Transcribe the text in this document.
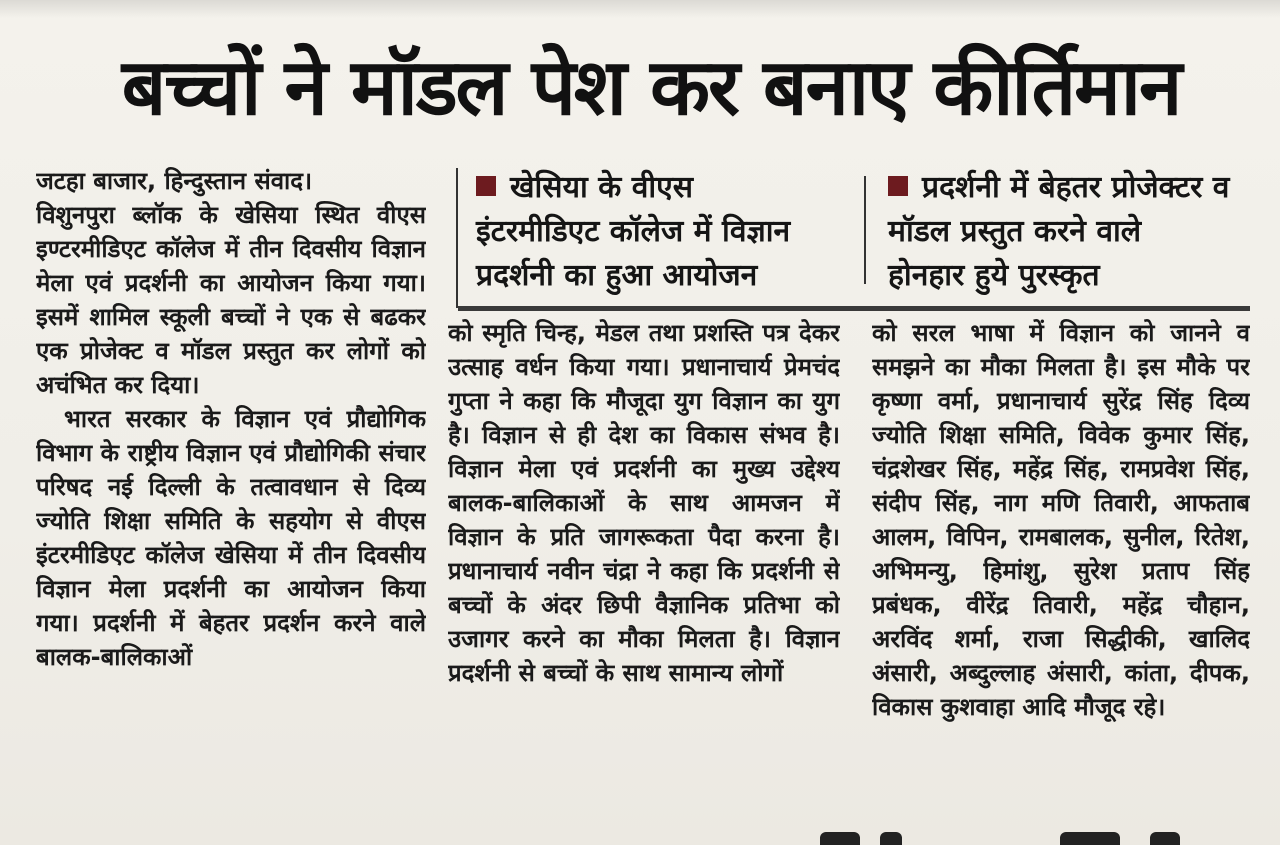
बच्चों ने मॉडल पेश कर बनाए कीर्तिमान

जटहा बाजार, हिन्दुस्तान संवाद।

विशुनपुरा ब्लॉक के खेसिया स्थित वीएस इण्टरमीडिएट कॉलेज में तीन दिवसीय विज्ञान मेला एवं प्रदर्शनी का आयोजन किया गया। इसमें शामिल स्कूली बच्चों ने एक से बढकर एक प्रोजेक्ट व मॉडल प्रस्तुत कर लोगों को अचंभित कर दिया।

भारत सरकार के विज्ञान एवं प्रौद्योगिक विभाग के राष्ट्रीय विज्ञान एवं प्रौद्योगिकी संचार परिषद नई दिल्ली के तत्वावधान से दिव्य ज्योति शिक्षा समिति के सहयोग से वीएस इंटरमीडिएट कॉलेज खेसिया में तीन दिवसीय विज्ञान मेला प्रदर्शनी का आयोजन किया गया। प्रदर्शनी में बेहतर प्रदर्शन करने वाले बालक-बालिकाओं

खेसिया के वीएस

इंटरमीडिएट कॉलेज में विज्ञान

प्रदर्शनी का हुआ आयोजन

प्रदर्शनी में बेहतर प्रोजेक्टर व

मॉडल प्रस्तुत करने वाले

होनहार हुये पुरस्कृत

को स्मृति चिन्ह, मेडल तथा प्रशस्ति पत्र देकर उत्साह वर्धन किया गया। प्रधानाचार्य प्रेमचंद गुप्ता ने कहा कि मौजूदा युग विज्ञान का युग है। विज्ञान से ही देश का विकास संभव है। विज्ञान मेला एवं प्रदर्शनी का मुख्य उद्देश्य बालक-बालिकाओं के साथ आमजन में विज्ञान के प्रति जागरूकता पैदा करना है। प्रधानाचार्य नवीन चंद्रा ने कहा कि प्रदर्शनी से बच्चों के अंदर छिपी वैज्ञानिक प्रतिभा को उजागर करने का मौका मिलता है। विज्ञान प्रदर्शनी से बच्चों के साथ सामान्य लोगों

को सरल भाषा में विज्ञान को जानने व समझने का मौका मिलता है। इस मौके पर कृष्णा वर्मा, प्रधानाचार्य सुरेंद्र सिंह दिव्य ज्योति शिक्षा समिति, विवेक कुमार सिंह, चंद्रशेखर सिंह, महेंद्र सिंह, रामप्रवेश सिंह, संदीप सिंह, नाग मणि तिवारी, आफताब आलम, विपिन, रामबालक, सुनील, रितेश, अभिमन्यु, हिमांशु, सुरेश प्रताप सिंह प्रबंधक, वीरेंद्र तिवारी, महेंद्र चौहान, अरविंद शर्मा, राजा सिद्धीकी, खालिद अंसारी, अब्दुल्लाह अंसारी, कांता, दीपक, विकास कुशवाहा आदि मौजूद रहे।
